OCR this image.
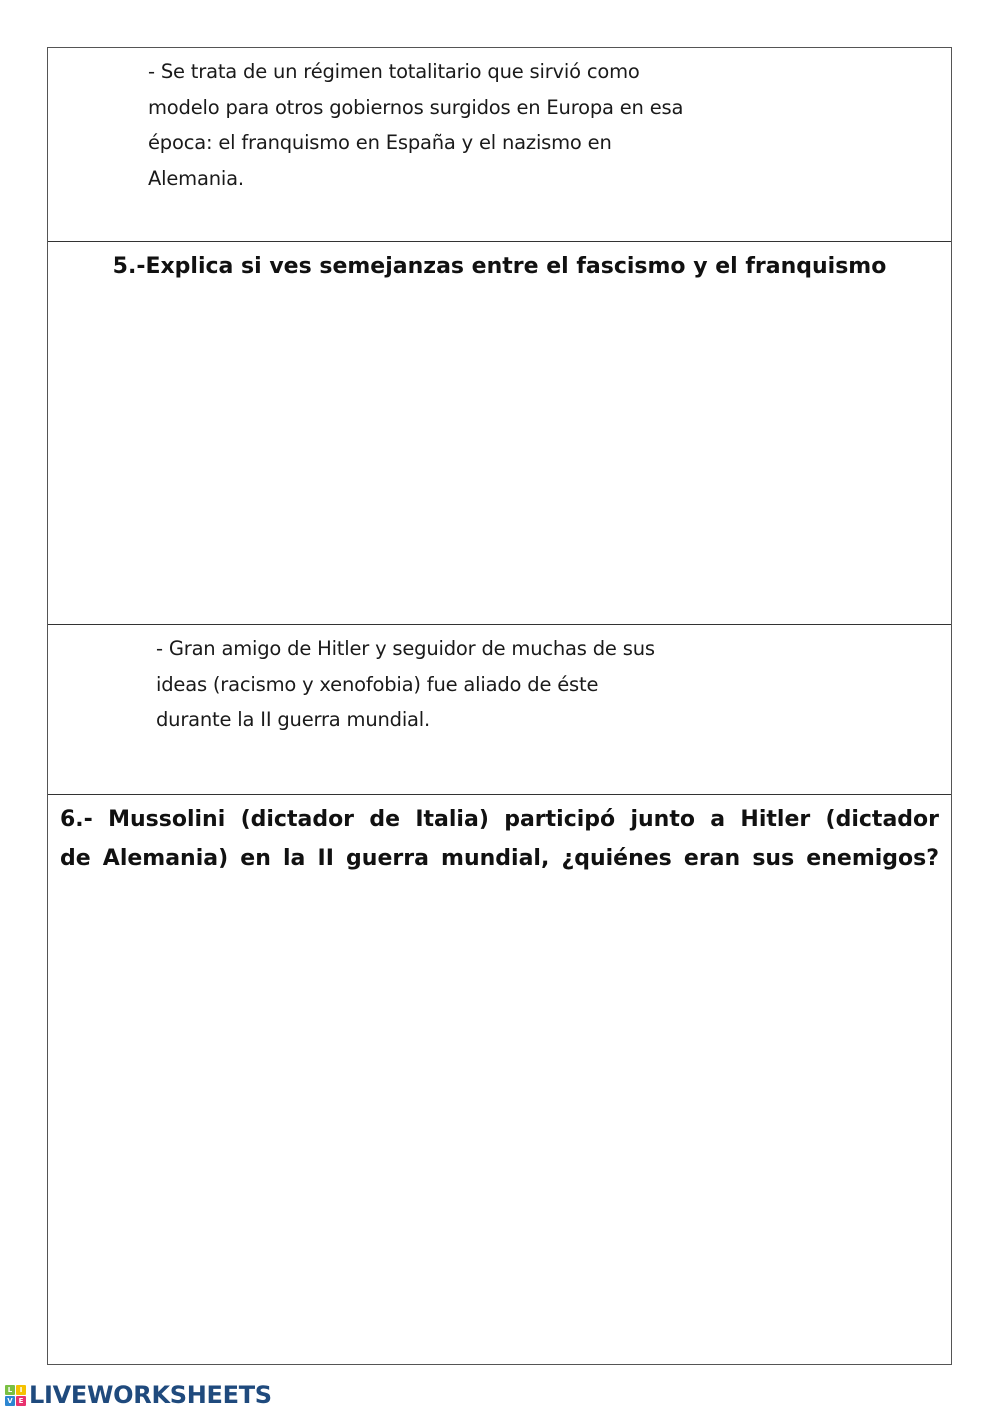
- Se trata de un régimen totalitario que sirvió como

modelo para otros gobiernos surgidos en Europa en esa

época: el franquismo en España y el nazismo en

Alemania.

5.-Explica si ves semejanzas entre el fascismo y el franquismo

- Gran amigo de Hitler y seguidor de muchas de sus

ideas (racismo y xenofobia) fue aliado de éste

durante la II guerra mundial.

6.- Mussolini (dictador de Italia) participó junto a Hitler (dictador
de Alemania) en la II guerra mundial, ¿quiénes eran sus enemigos?
L	I
V E LIVEWORKSHEETS
